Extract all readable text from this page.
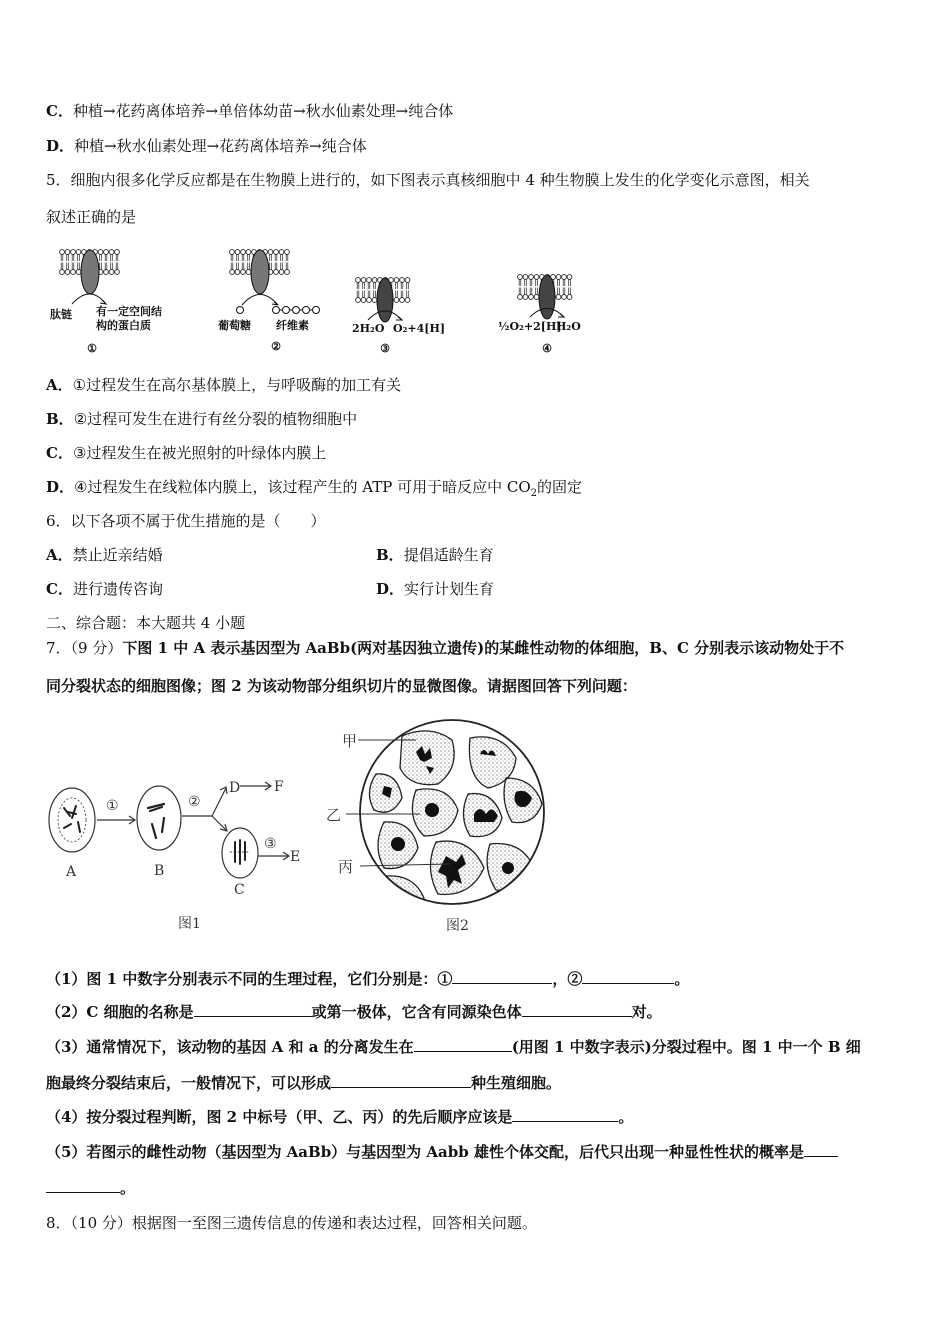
C．种植→花药离体培养→单倍体幼苗→秋水仙素处理→纯合体
D．种植→秋水仙素处理→花药离体培养→纯合体
5．细胞内很多化学反应都是在生物膜上进行的，如下图表示真核细胞中 4 种生物膜上发生的化学变化示意图，相关
叙述正确的是
肽链 有一定空间结
构的蛋白质
①
葡萄糖 纤维素
②
2H₂O O₂+4[H]
③
½O₂+2[H]
H₂O
④
A．①过程发生在高尔基体膜上，与呼吸酶的加工有关
B．②过程可发生在进行有丝分裂的植物细胞中
C．③过程发生在被光照射的叶绿体内膜上
D．④过程发生在线粒体内膜上，该过程产生的 ATP 可用于暗反应中 $CO_2$的固定
6．以下各项不属于优生措施的是（　　）
A．禁止近亲结婚	B．提倡适龄生育
C．进行遗传咨询	D．实行计划生育
二、综合题：本大题共 4 小题
7．（9 分）下图 1 中 A 表示基因型为 AaBb(两对基因独立遗传)的某雌性动物的体细胞，B、C 分别表示该动物处于不
同分裂状态的细胞图像；图 2 为该动物部分组织切片的显微图像。请据图回答下列问题：
A	B
C
D
E
F
①	②
③
图1
甲
乙
丙
图2
（1）图 1 中数字分别表示不同的生理过程，它们分别是：①	，②	。
（2）C 细胞的名称是	或第一极体，它含有同源染色体	对。
（3）通常情况下，该动物的基因 A 和 a 的分离发生在	(用图 1 中数字表示)分裂过程中。图 1 中一个 B 细
胞最终分裂结束后，一般情况下，可以形成	种生殖细胞。
（4）按分裂过程判断，图 2 中标号（甲、乙、丙）的先后顺序应该是	。
（5）若图示的雌性动物（基因型为 AaBb）与基因型为 Aabb 雄性个体交配，后代只出现一种显性性状的概率是
。
8．（10 分）根据图一至图三遗传信息的传递和表达过程，回答相关问题。
